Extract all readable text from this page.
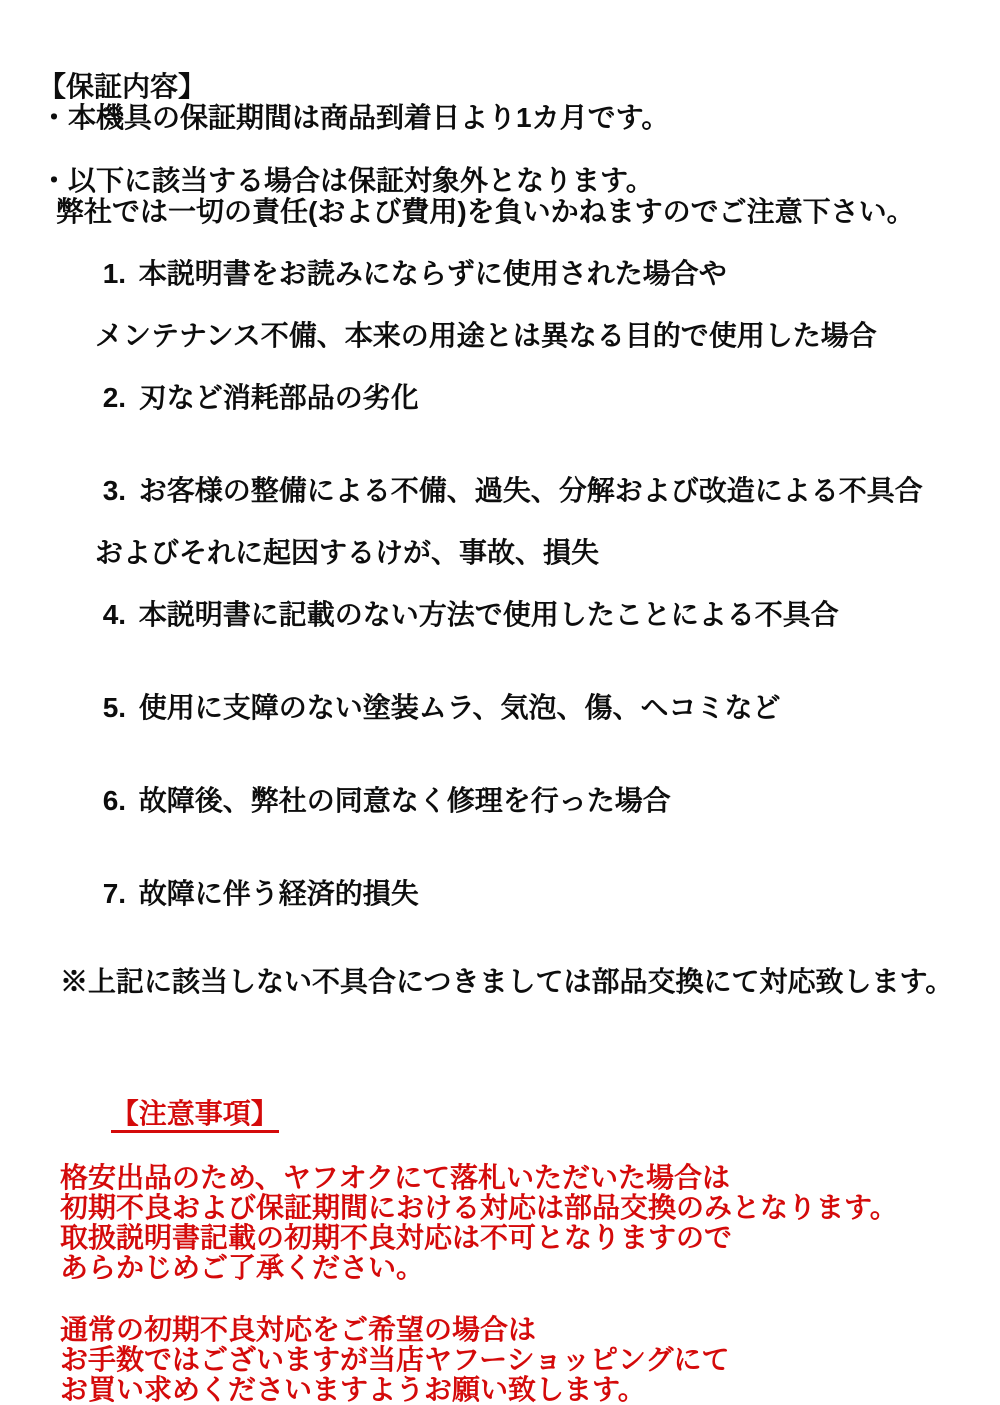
【保証内容】
・本機具の保証期間は商品到着日より1カ月です。
・以下に該当する場合は保証対象外となります。
弊社では一切の責任(および費用)を負いかねますのでご注意下さい。

1. 本説明書をお読みにならずに使用された場合や

メンテナンス不備、本来の用途とは異なる目的で使用した場合

2. 刃など消耗部品の劣化

3. お客様の整備による不備、過失、分解および改造による不具合

およびそれに起因するけが、事故、損失

4. 本説明書に記載のない方法で使用したことによる不具合

5. 使用に支障のない塗装ムラ、気泡、傷、ヘコミなど

6. 故障後、弊社の同意なく修理を行った場合

7. 故障に伴う経済的損失

※上記に該当しない不具合につきましては部品交換にて対応致します。

【注意事項】

格安出品のため、ヤフオクにて落札いただいた場合は
初期不良および保証期間における対応は部品交換のみとなります。
取扱説明書記載の初期不良対応は不可となりますので
あらかじめご了承ください。
通常の初期不良対応をご希望の場合は
お手数ではございますが当店ヤフーショッピングにて
お買い求めくださいますようお願い致します。
